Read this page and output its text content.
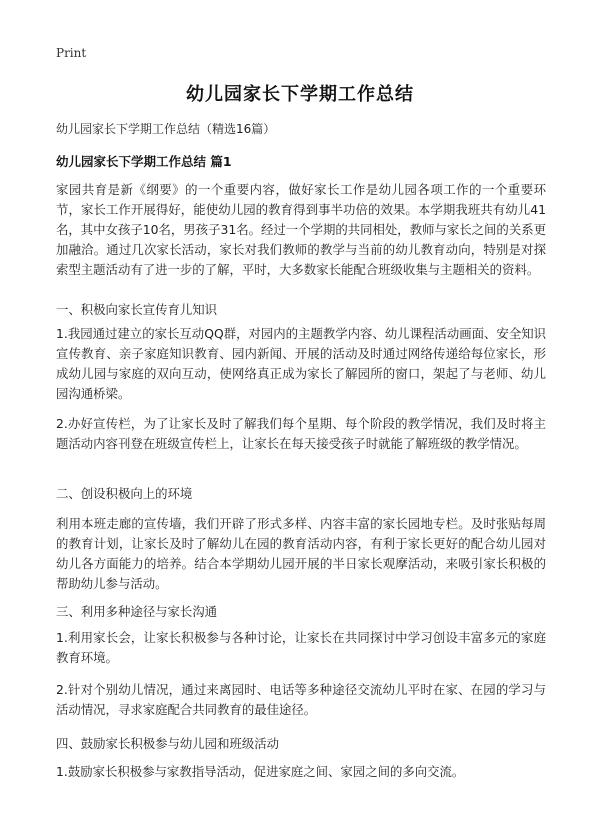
Print
幼儿园家长下学期工作总结
幼儿园家长下学期工作总结（精选16篇）
幼儿园家长下学期工作总结 篇1
家园共育是新《纲要》的一个重要内容，做好家长工作是幼儿园各项工作的一个重要环节，家长工作开展得好，能使幼儿园的教育得到事半功倍的效果。本学期我班共有幼儿41名，其中女孩子10名，男孩子31名。经过一个学期的共同相处，教师与家长之间的关系更加融洽。通过几次家长活动，家长对我们教师的教学与当前的幼儿教育动向，特别是对探索型主题活动有了进一步的了解，平时，大多数家长能配合班级收集与主题相关的资料。
一、积极向家长宣传育儿知识
1.我园通过建立的家长互动QQ群，对园内的主题教学内容、幼儿课程活动画面、安全知识宣传教育、亲子家庭知识教育、园内新闻、开展的活动及时通过网络传递给每位家长，形成幼儿园与家庭的双向互动，使网络真正成为家长了解园所的窗口，架起了与老师、幼儿园沟通桥梁。
2.办好宣传栏，为了让家长及时了解我们每个星期、每个阶段的教学情况，我们及时将主题活动内容刊登在班级宣传栏上，让家长在每天接受孩子时就能了解班级的教学情况。
二、创设积极向上的环境
利用本班走廊的宣传墙，我们开辟了形式多样、内容丰富的家长园地专栏。及时张贴每周的教育计划，让家长及时了解幼儿在园的教育活动内容，有利于家长更好的配合幼儿园对幼儿各方面能力的培养。结合本学期幼儿园开展的半日家长观摩活动，来吸引家长积极的帮助幼儿参与活动。
三、利用多种途径与家长沟通
1.利用家长会，让家长积极参与各种讨论，让家长在共同探讨中学习创设丰富多元的家庭教育环境。
2.针对个别幼儿情况，通过来离园时、电话等多种途径交流幼儿平时在家、在园的学习与活动情况，寻求家庭配合共同教育的最佳途径。
四、鼓励家长积极参与幼儿园和班级活动
1.鼓励家长积极参与家教指导活动，促进家庭之间、家园之间的多向交流。
